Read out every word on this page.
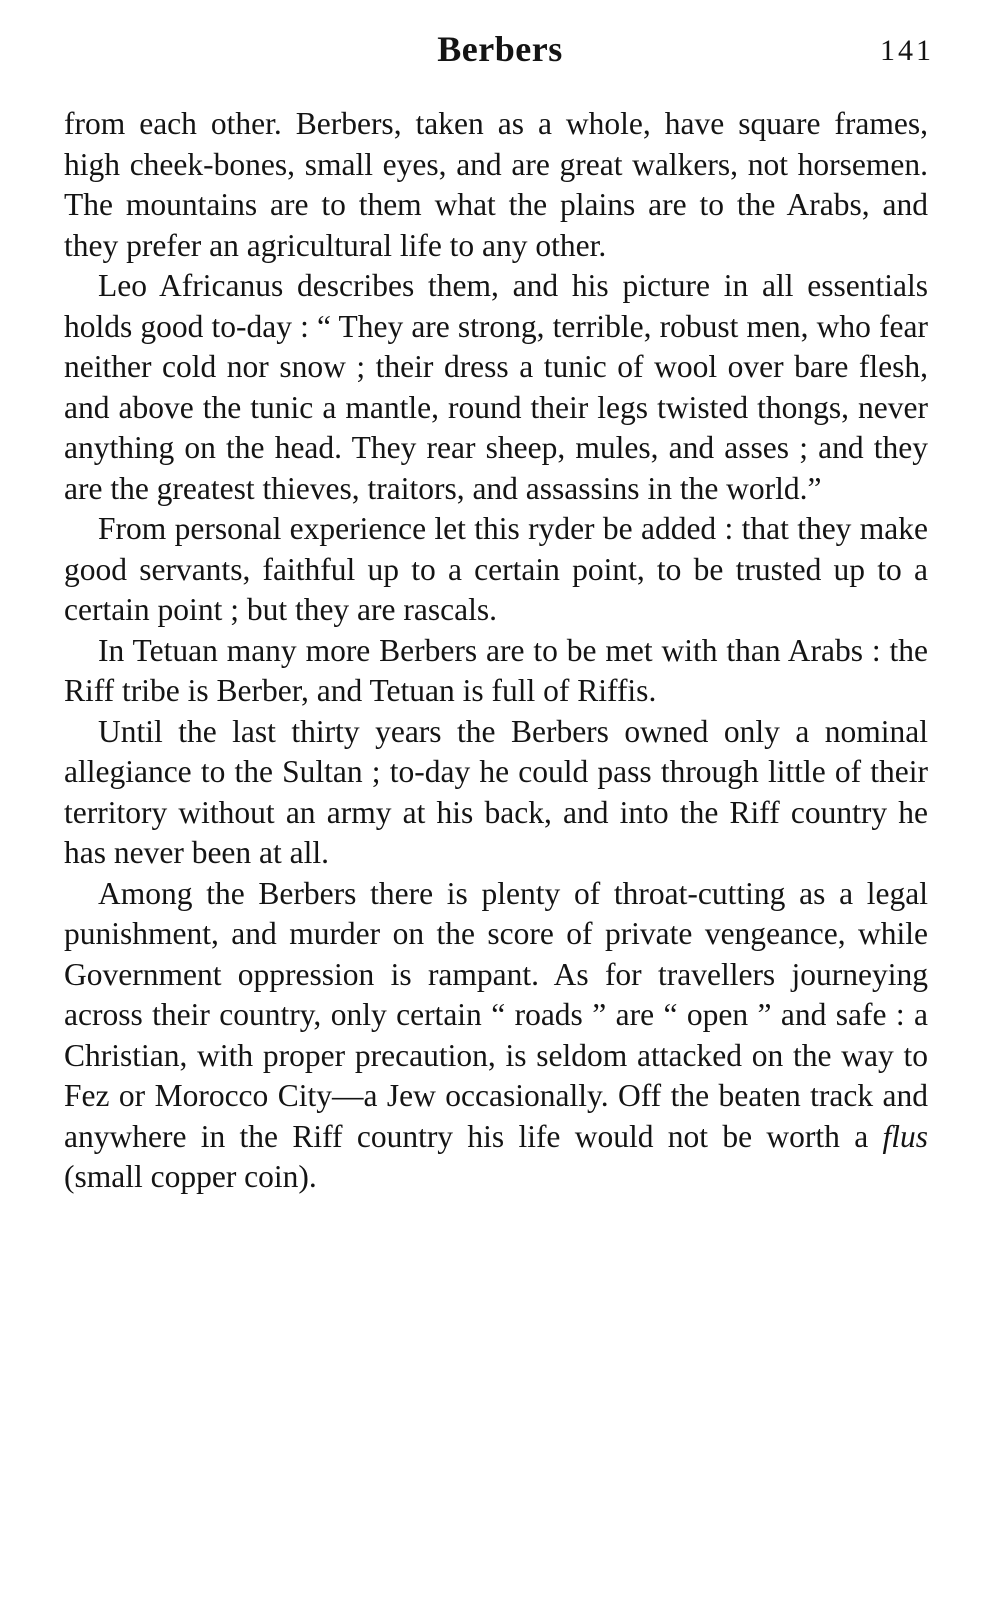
Berbers	141

from each other. Berbers, taken as a whole, have square frames, high cheek-bones, small eyes, and are great walkers, not horsemen. The mountains are to them what the plains are to the Arabs, and they prefer an agricultural life to any other.

Leo Africanus describes them, and his picture in all essentials holds good to-day : “ They are strong, terrible, robust men, who fear neither cold nor snow ; their dress a tunic of wool over bare flesh, and above the tunic a mantle, round their legs twisted thongs, never anything on the head. They rear sheep, mules, and asses ; and they are the greatest thieves, traitors, and assassins in the world.”

From personal experience let this ryder be added : that they make good servants, faithful up to a certain point, to be trusted up to a certain point ; but they are rascals.

In Tetuan many more Berbers are to be met with than Arabs : the Riff tribe is Berber, and Tetuan is full of Riffis.

Until the last thirty years the Berbers owned only a nominal allegiance to the Sultan ; to-day he could pass through little of their territory without an army at his back, and into the Riff country he has never been at all.

Among the Berbers there is plenty of throat-cutting as a legal punishment, and murder on the score of private vengeance, while Government oppression is rampant. As for travellers journeying across their country, only certain “ roads ” are “ open ” and safe : a Christian, with proper precaution, is seldom attacked on the way to Fez or Morocco City—a Jew occasionally. Off the beaten track and anywhere in the Riff country his life would not be worth a flus (small copper coin).
